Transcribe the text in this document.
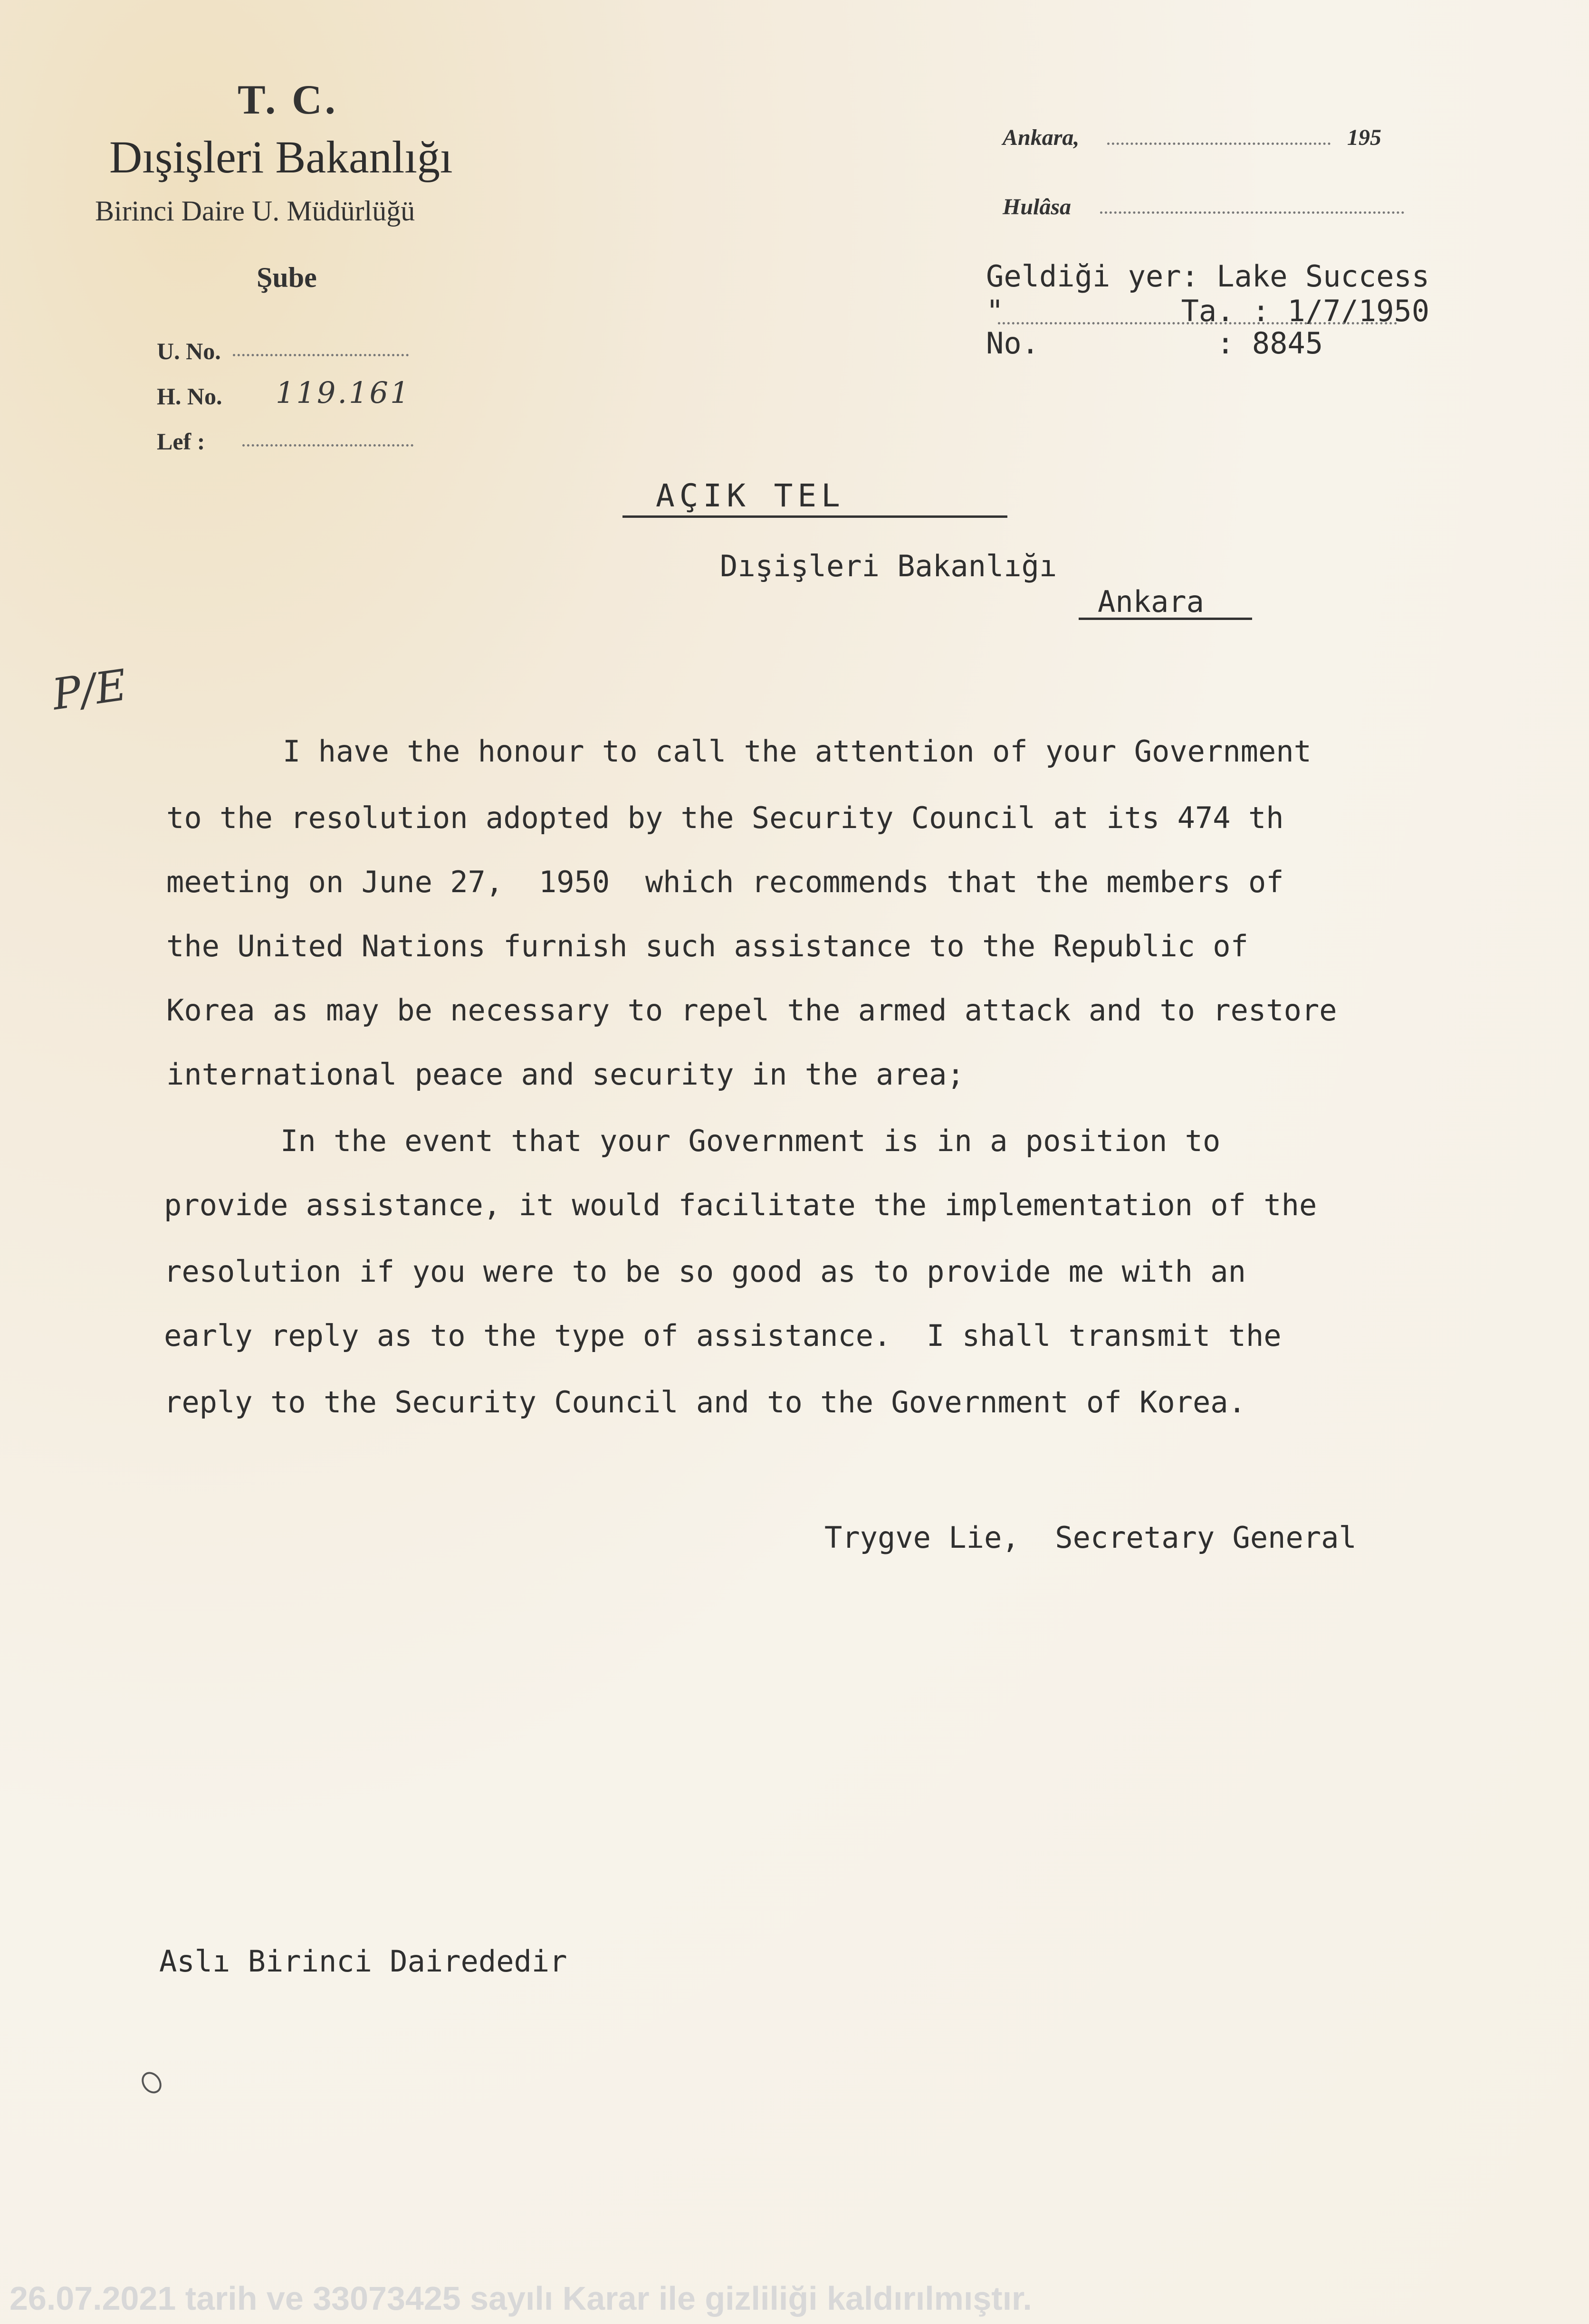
T. C.
Dışişleri Bakanlığı
Birinci Daire U. Müdürlüğü
Şube
U. No.
H. No. 119.161
Lef :
Ankara,	195
Hulâsa
Geldiği yer: Lake Success
"          Ta. : 1/7/1950
No.          : 8845
P/E
AÇIK TEL
Dışişleri Bakanlığı
Ankara
I have the honour to call the attention of your Government
to the resolution adopted by the Security Council at its 474 th
meeting on June 27,  1950  which recommends that the members of
the United Nations furnish such assistance to the Republic of
Korea as may be necessary to repel the armed attack and to restore
international peace and security in the area;
In the event that your Government is in a position to
provide assistance, it would facilitate the implementation of the
resolution if you were to be so good as to provide me with an
early reply as to the type of assistance.  I shall transmit the
reply to the Security Council and to the Government of Korea.
Trygve Lie,  Secretary General
Aslı Birinci Dairededir
26.07.2021 tarih ve 33073425 sayılı Karar ile gizliliği kaldırılmıştır.
